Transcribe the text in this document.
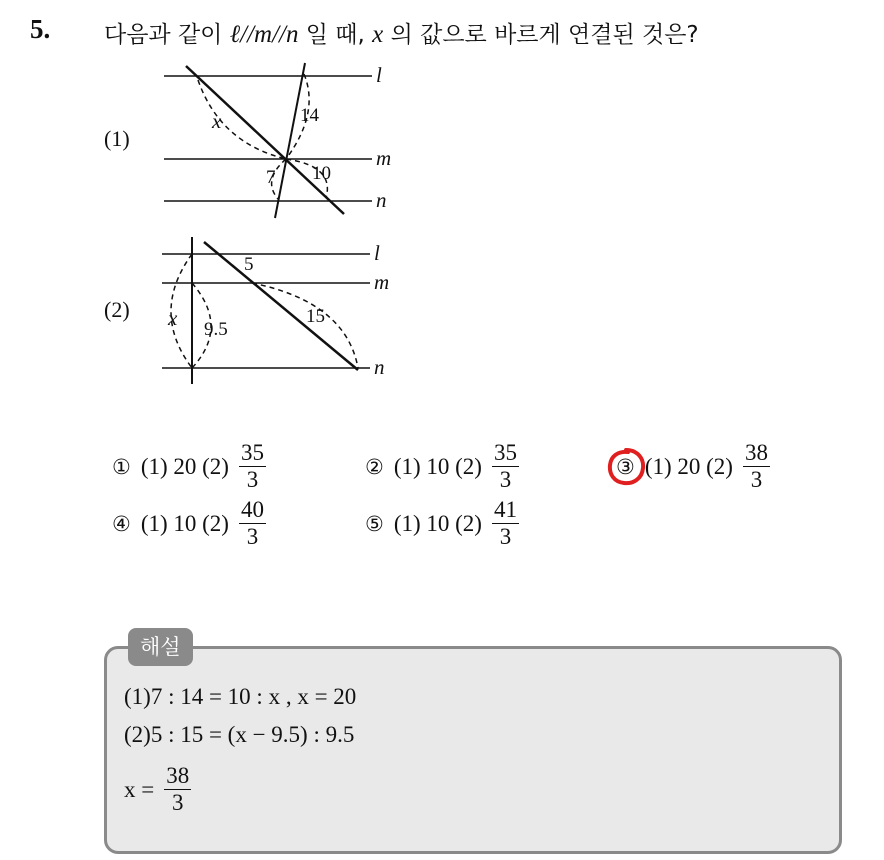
5. 다음과 같이 ℓ//m//n 일 때, x 의 값으로 바르게 연결된 것은?
(1)
l
m
n
x	14
7 10
(2)
l
m
n
x
5
15
9.5
① (1) 20 $(2) \frac{35}{3}$	② (1) 10 $(2) \frac{35}{3}$	③ (1) 20 $(2) \frac{38}{3}$
④ (1) 10 $(2) \frac{40}{3}$	⑤ (1) 10 $(2) \frac{41}{3}$
해설
(1)7 : 14 = 10 : x , x = 20
(2)5 : 15 = (x − 9.5) : 9.5
$x = \frac{38}{3}$
